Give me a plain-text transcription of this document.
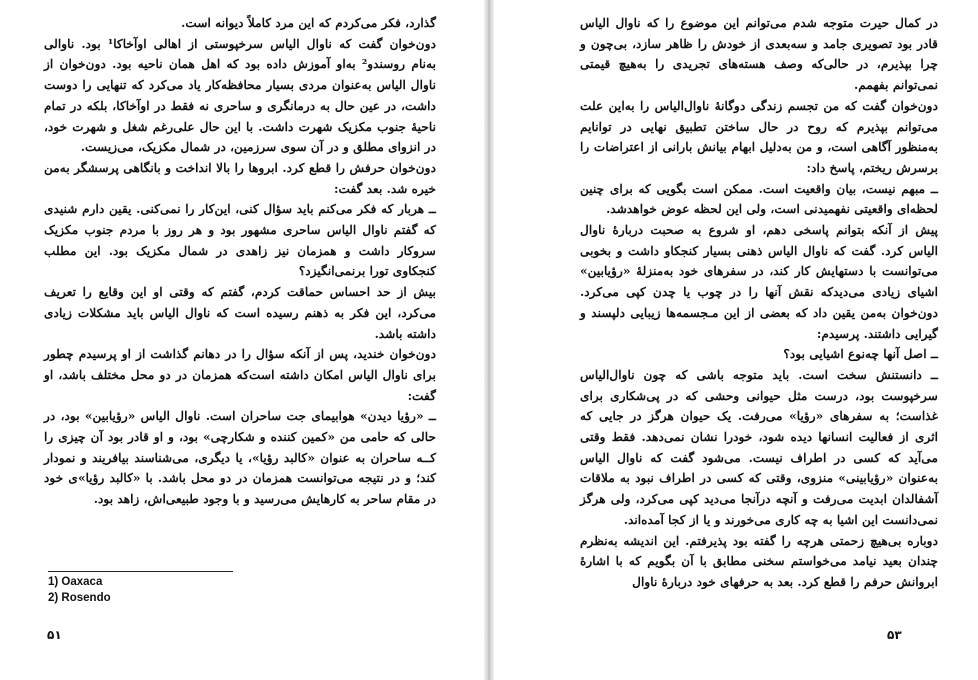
گذارد، فکر می‌کردم که این مرد کاملاً دیوانه است.

دون‌خوان گفت که ناوال الیاس سرخپوستی از اهالی اوآخاکا¹ بود. ناوالی به‌نام روسندو² به‌او آموزش داده بود که اهل همان ناحیه بود. دون‌خوان از ناوال الیاس به‌عنوان مردی بسیار محافظه‌کار یاد می‌کرد که تنهایی را دوست داشت، در عین حال به درمانگری و ساحری نه فقط در اوآخاکا، بلکه در تمام ناحیهٔ جنوب مکزیک شهرت داشت. با این حال علی‌رغم شغل و شهرت خود، در انزوای مطلق و در آن سوی سرزمین، در شمال مکزیک، می‌زیست.

دون‌خوان حرفش را قطع کرد. ابروها را بالا انداخت و بانگاهی پرسشگر به‌من خیره شد. بعد گفت:

ــ هربار که فکر می‌کنم باید سؤال کنی، این‌کار را نمی‌کنی. یقین دارم شنیدی که گفتم ناوال الیاس ساحری مشهور بود و هر روز با مردم جنوب مکزیک سروکار داشت و همزمان نیز زاهدی در شمال مکزیک بود. این مطلب کنجکاوی تورا برنمی‌انگیزد؟

بیش از حد احساس حماقت کردم، گفتم که وقتی او این وقایع را تعریف می‌کرد، این فکر به ذهنم رسیده است که ناوال الیاس باید مشکلات زیادی داشته باشد.

دون‌خوان خندید، پس از آنکه سؤال را در دهانم گذاشت از او پرسیدم چطور برای ناوال الیاس امکان داشته است‌که همزمان در دو محل مختلف باشد، او گفت:

ــ «رؤیا دیدن» هوابیمای جت ساحران است. ناوال الیاس «رؤیابین» بود، در حالی که حامی من «کمین کننده و شکارچی» بود، و او قادر بود آن چیزی را کــه ساحران به عنوان «کالبد رؤیا»، یا دیگری، می‌شناسند بیافریند و نمودار کند؛ و در نتیجه می‌توانست همزمان در دو محل باشد. با «کالبد رؤیا»ی خود در مقام ساحر به کارهایش می‌رسید و با وجود طبیعی‌اش، زاهد بود.

1) Oaxaca
2) Rosendo
۵۱

در کمال حیرت متوجه شدم می‌توانم این موضوع را که ناوال الیاس قادر بود تصویری جامد و سه‌بعدی از خودش را ظاهر سازد، بی‌چون و چرا بپذیرم، در حالی‌که وصف هسته‌های تجریدی را به‌هیچ قیمتی نمی‌توانم بفهمم.

دون‌خوان گفت که من تجسم زندگی دوگانهٔ ناوال‌الیاس را به‌این علت می‌توانم بپذیرم که روح در حال ساختن تطبیق نهایی در توانایم به‌منظور آگاهی است، و من به‌دلیل ابهام بیانش بارانی از اعتراضات را برسرش ریختم، پاسخ داد:

ــ مبهم نیست، بیان واقعیت است. ممکن است بگویی که برای چنین لحظه‌ای واقعیتی نفهمیدنی است، ولی این لحظه عوض خواهدشد.

پیش از آنکه بتوانم پاسخی دهم، او شروع به صحبت دربارهٔ ناوال الیاس کرد. گفت که ناوال الیاس ذهنی بسیار کنجکاو داشت و بخوبی می‌توانست با دستهایش کار کند، در سفرهای خود به‌منزلهٔ «رؤیابین» اشیای زیادی می‌دیدکه نقش آنها را در چوب یا چدن کپی می‌کرد. دون‌خوان به‌من یقین داد که بعضی از این مـجسمه‌ها زیبایی دلپسند و گیرایی داشتند. پرسیدم:

ــ اصل آنها چه‌نوع اشیایی بود؟

ــ دانستنش سخت است. باید متوجه باشی که چون ناوال‌الیاس سرخپوست بود، درست مثل حیوانی وحشی که در پی‌شکاری برای غذاست؛ به سفرهای «رؤیا» می‌رفت. یک حیوان هرگز در جایی که اثری از فعالیت انسانها دیده شود، خودرا نشان نمی‌دهد. فقط وقتی می‌آید که کسی در اطراف نیست. می‌شود گفت که ناوال الیاس به‌عنوان «رؤیابینی» منزوی، وقتی که کسی در اطراف نبود به ملاقات آشفالدان ابدیت می‌رفت و آنچه درآنجا می‌دید کپی می‌کرد، ولی هرگز نمی‌دانست این اشیا به چه کاری می‌خورند و یا از کجا آمده‌اند.

دوباره بی‌هیچ زحمتی هرچه را گفته بود پذیرفتم. این اندیشه به‌نظرم چندان بعید نیامد می‌خواستم سخنی مطابق با آن بگویم که با اشارهٔ ابروانش حرفم را قطع کرد. بعد به حرفهای خود دربارهٔ ناوال

۵۳
